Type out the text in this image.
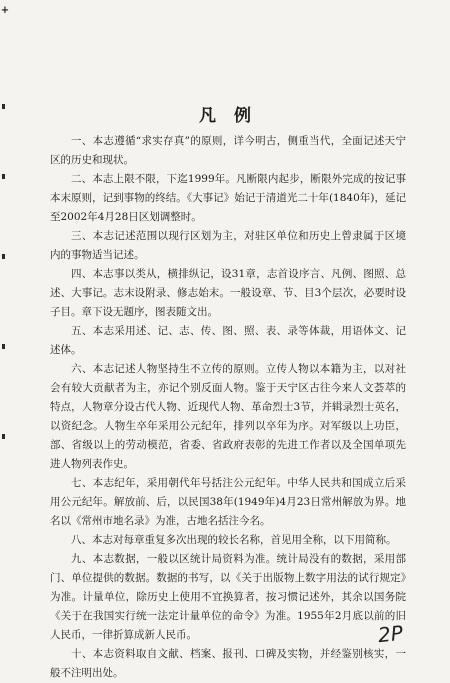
+
凡例

一、本志遵循“求实存真”的原则，详今明古，侧重当代，全面记述天宁区的历史和现状。

二、本志上限不限，下迄1999年。凡断限内起步，断限外完成的按记事本末原则，记到事物的终结。《大事记》始记于清道光二十年(1840年)，延记至2002年4月28日区划调整时。

三、本志记述范围以现行区划为主，对驻区单位和历史上曾隶属于区境内的事物适当记述。

四、本志事以类从，横排纵记，设31章，志首设序言、凡例、图照、总述、大事记。志末设附录、修志始末。一般设章、节、目3个层次，必要时设子目。章下设无题序，图表随文出。

五、本志采用述、记、志、传、图、照、表、录等体裁，用语体文、记述体。

六、本志记述人物坚持生不立传的原则。立传人物以本籍为主，以对社会有较大贡献者为主，亦记个别反面人物。鉴于天宁区古往今来人文荟萃的特点，人物章分设古代人物、近现代人物、革命烈士3节，并辑录烈士英名，以资纪念。人物生卒年采用公元纪年，排列以卒年为序。对军级以上功臣，部、省级以上的劳动模范，省委、省政府表彰的先进工作者以及全国单项先进人物列表作史。

七、本志纪年，采用朝代年号括注公元纪年。中华人民共和国成立后采用公元纪年。解放前、后，以民国38年(1949年)4月23日常州解放为界。地名以《常州市地名录》为准，古地名括注今名。

八、本志对每章重复多次出现的较长名称，首见用全称，以下用简称。

九、本志数据，一般以区统计局资料为准。统计局没有的数据，采用部门、单位提供的数据。数据的书写，以《关于出版物上数字用法的试行规定》为准。计量单位，除历史上使用不宜换算者，按习惯记述外，其余以国务院《关于在我国实行统一法定计量单位的命令》为准。1955年2月底以前的旧人民币，一律折算成新人民币。

十、本志资料取自文献、档案、报刊、口碑及实物，并经鉴别核实，一般不注明出处。

2P
